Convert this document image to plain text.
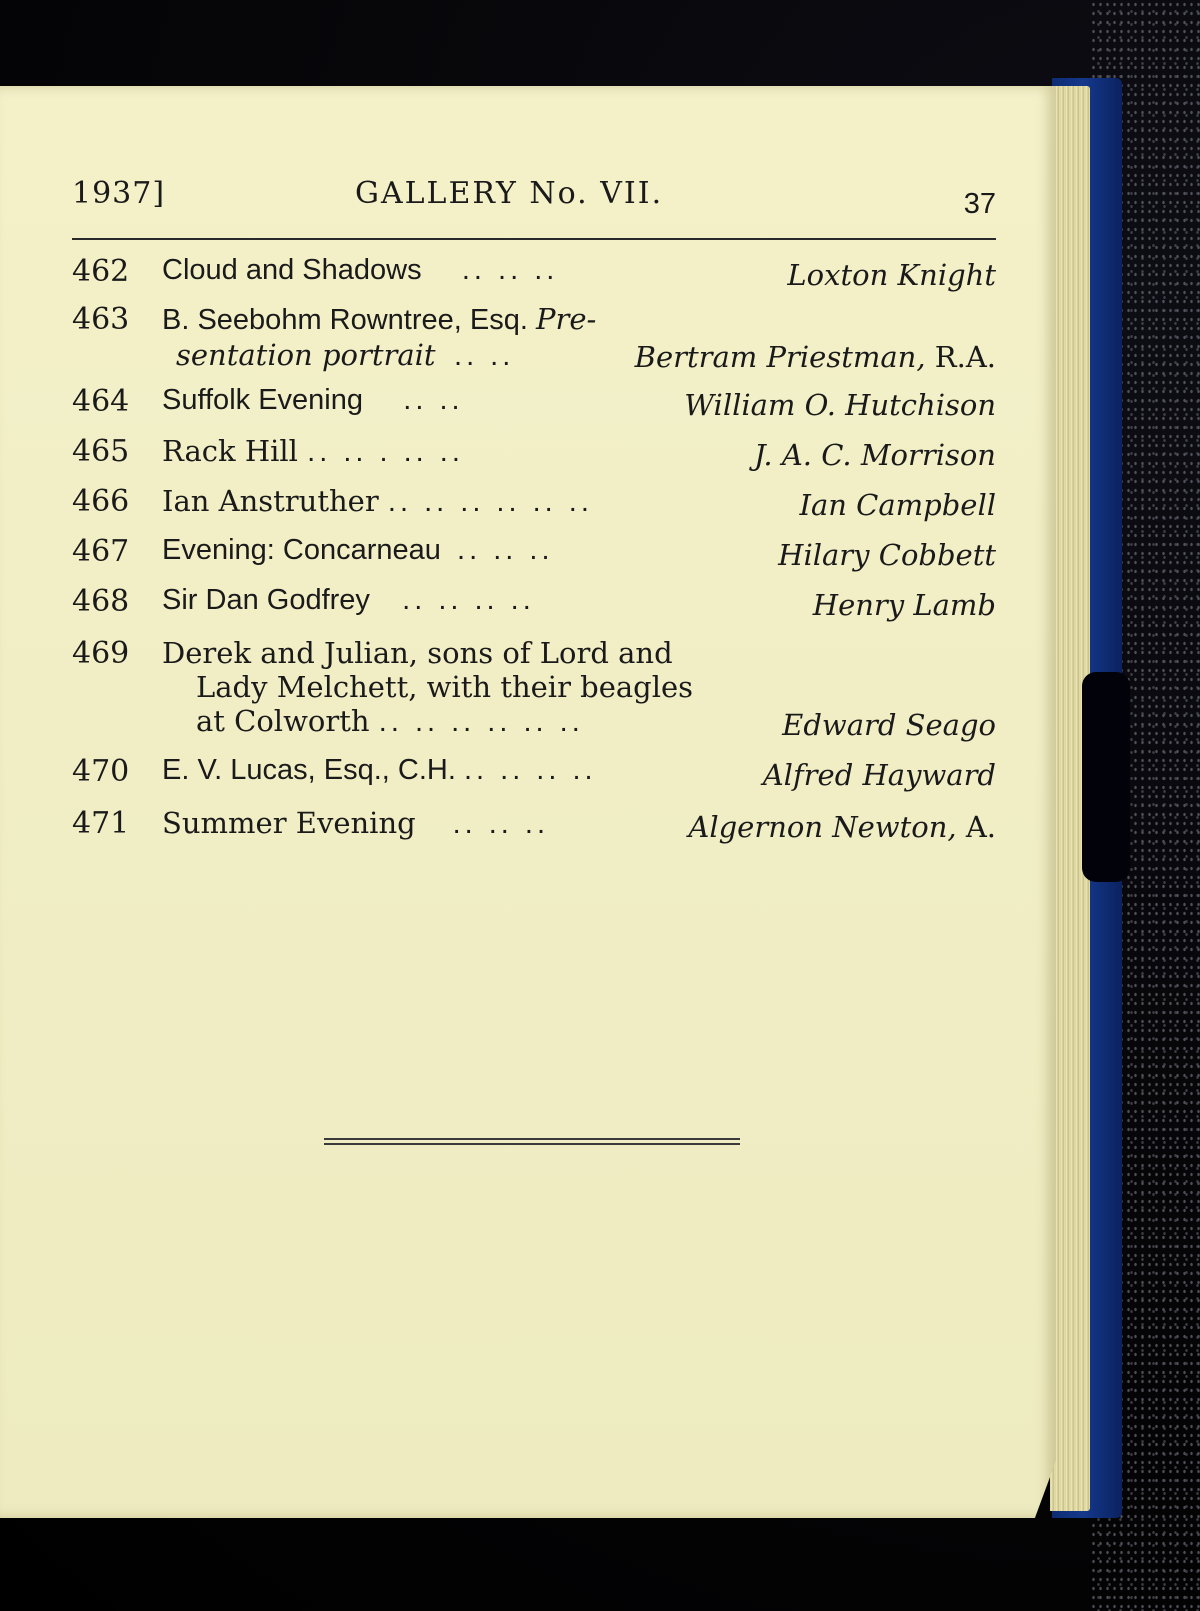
1937]	GALLERY No. VII.	37
462 Cloud and Shadows .. .. ..	Loxton Knight
463 B. Seebohm Rowntree, Esq. Pre-
sentation portrait .. ..	Bertram Priestman, R.A.
464 Suffolk Evening .. ..	William O. Hutchison
465 Rack Hill .. .. . .. ..	J. A. C. Morrison
466 Ian Anstruther .. .. .. .. .. ..	Ian Campbell
467 Evening: Concarneau .. .. ..	Hilary Cobbett
468 Sir Dan Godfrey .. .. .. ..	Henry Lamb
469 Derek and Julian, sons of Lord and
Lady Melchett, with their beagles
at Colworth .. .. .. .. .. ..	Edward Seago
470 E. V. Lucas, Esq., C.H. .. .. .. ..	Alfred Hayward
471 Summer Evening .. .. ..	Algernon Newton, A.
